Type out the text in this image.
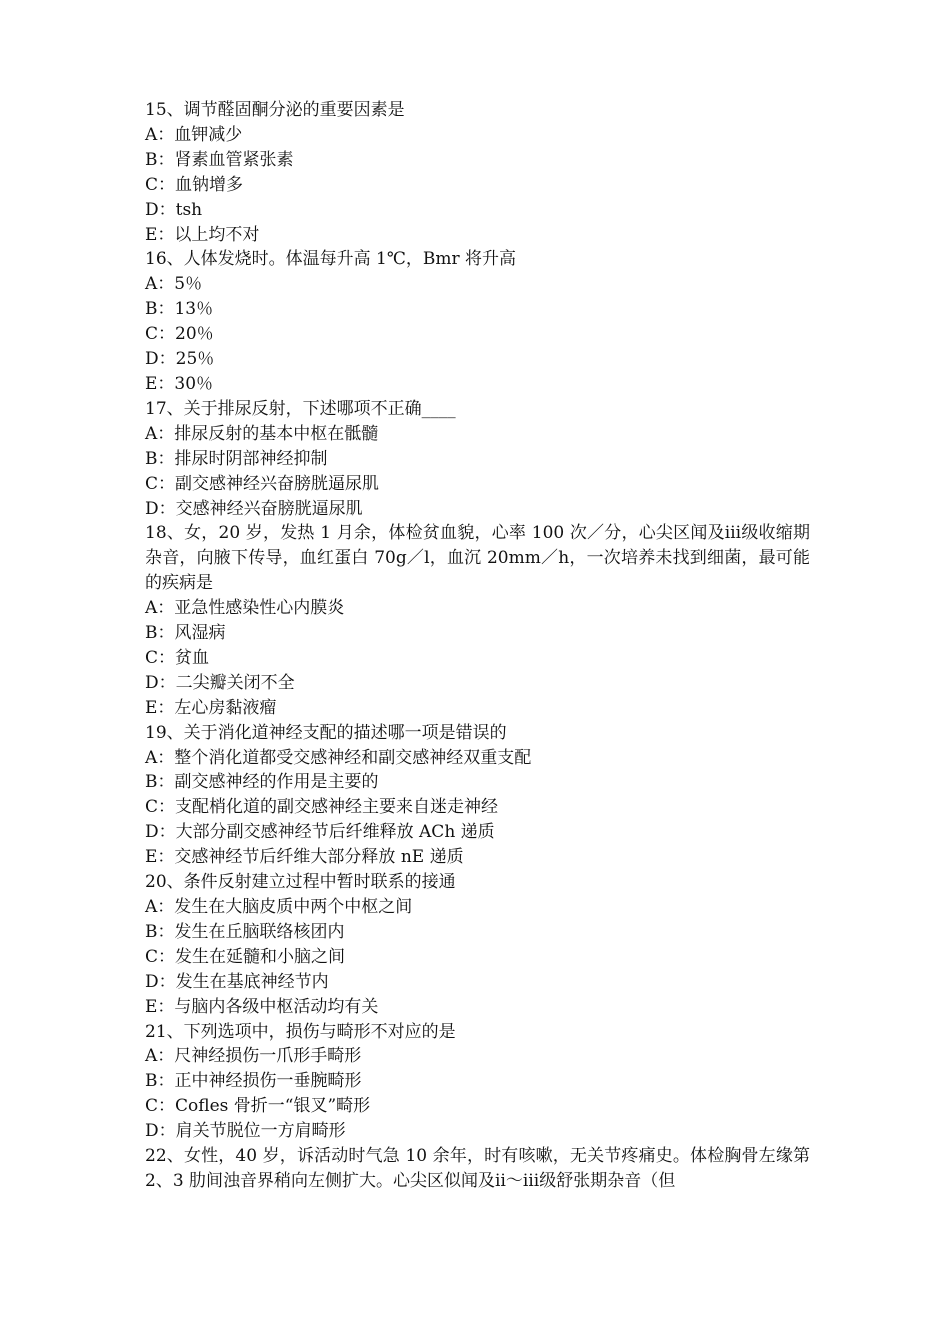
15、调节醛固酮分泌的重要因素是
A：血钾减少
B：肾素血管紧张素
C：血钠增多
D：tsh
E：以上均不对
16、人体发烧时。体温每升高 1℃，Bmr 将升高
A：5％
B：13％
C：20％
D：25％
E：30％
17、关于排尿反射，下述哪项不正确____
A：排尿反射的基本中枢在骶髓
B：排尿时阴部神经抑制
C：副交感神经兴奋膀胱逼尿肌
D：交感神经兴奋膀胱逼尿肌
18、女，20 岁，发热 1 月余，体检贫血貌，心率 100 次／分，心尖区闻及ⅲ级收缩期杂音，向腋下传导，血红蛋白 70g／l，血沉 20mm／h，一次培养未找到细菌，最可能的疾病是
A：亚急性感染性心内膜炎
B：风湿病
C：贫血
D：二尖瓣关闭不全
E：左心房黏液瘤
19、关于消化道神经支配的描述哪一项是错误的
A：整个消化道都受交感神经和副交感神经双重支配
B：副交感神经的作用是主要的
C：支配梢化道的副交感神经主要来自迷走神经
D：大部分副交感神经节后纤维释放 ACh 递质
E：交感神经节后纤维大部分释放 nE 递质
20、条件反射建立过程中暂时联系的接通
A：发生在大脑皮质中两个中枢之间
B：发生在丘脑联络核团内
C：发生在延髓和小脑之间
D：发生在基底神经节内
E：与脑内各级中枢活动均有关
21、下列选项中，损伤与畸形不对应的是
A：尺神经损伤一爪形手畸形
B：正中神经损伤一垂腕畸形
C：Cofles 骨折一“银叉”畸形
D：肩关节脱位一方肩畸形
22、女性，40 岁，诉活动时气急 10 余年，时有咳嗽，无关节疼痛史。体检胸骨左缘第 2、3 肋间浊音界稍向左侧扩大。心尖区似闻及ⅱ～ⅲ级舒张期杂音（但
